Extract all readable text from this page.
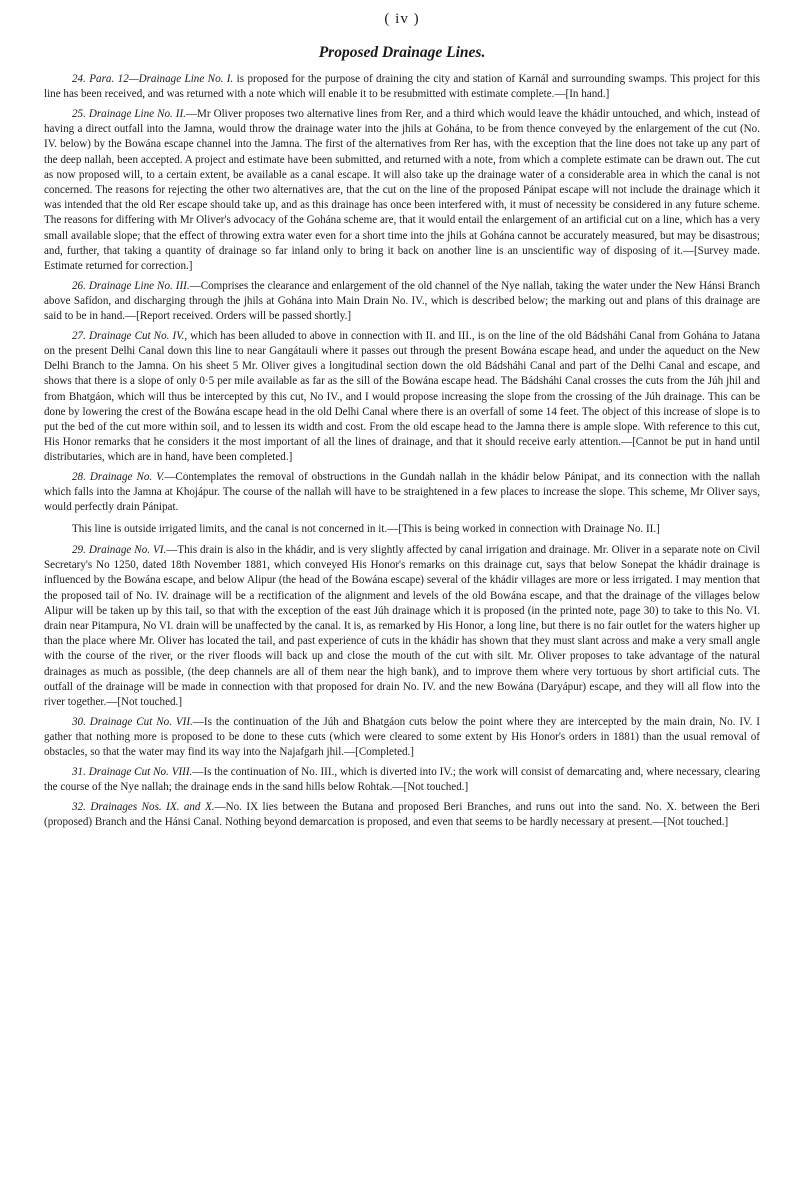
( iv )
Proposed Drainage Lines.

24. Para. 12—Drainage Line No. I. is proposed for the purpose of draining the city and station of Karnál and surrounding swamps. This project for this line has been received, and was returned with a note which will enable it to be resubmitted with estimate complete.—[In hand.]

25. Drainage Line No. II.—Mr Oliver proposes two alternative lines from Rer, and a third which would leave the khádir untouched, and which, instead of having a direct outfall into the Jamna, would throw the drainage water into the jhils at Gohána, to be from thence conveyed by the enlargement of the cut (No. IV. below) by the Bowána escape channel into the Jamna. The first of the alternatives from Rer has, with the exception that the line does not take up any part of the deep nallah, been accepted. A project and estimate have been submitted, and returned with a note, from which a complete estimate can be drawn out. The cut as now proposed will, to a certain extent, be available as a canal escape. It will also take up the drainage water of a considerable area in which the canal is not concerned. The reasons for rejecting the other two alternatives are, that the cut on the line of the proposed Pánipat escape will not include the drainage which it was intended that the old Rer escape should take up, and as this drainage has once been interfered with, it must of necessity be considered in any future scheme. The reasons for differing with Mr Oliver's advocacy of the Gohána scheme are, that it would entail the enlargement of an artificial cut on a line, which has a very small available slope; that the effect of throwing extra water even for a short time into the jhils at Gohána cannot be accurately measured, but may be disastrous; and, further, that taking a quantity of drainage so far inland only to bring it back on another line is an unscientific way of disposing of it.—[Survey made. Estimate returned for correction.]

26. Drainage Line No. III.—Comprises the clearance and enlargement of the old channel of the Nye nallah, taking the water under the New Hánsi Branch above Safídon, and discharging through the jhils at Gohána into Main Drain No. IV., which is described below; the marking out and plans of this drainage are said to be in hand.—[Report received. Orders will be passed shortly.]

27. Drainage Cut No. IV., which has been alluded to above in connection with II. and III., is on the line of the old Bádsháhi Canal from Gohána to Jatana on the present Delhi Canal down this line to near Gangátauli where it passes out through the present Bowána escape head, and under the aqueduct on the New Delhi Branch to the Jamna. On his sheet 5 Mr. Oliver gives a longitudinal section down the old Bádsháhi Canal and part of the Delhi Canal and escape, and shows that there is a slope of only 0·5 per mile available as far as the sill of the Bowána escape head. The Bádsháhi Canal crosses the cuts from the Júh jhil and from Bhatgáon, which will thus be intercepted by this cut, No IV., and I would propose increasing the slope from the crossing of the Júh drainage. This can be done by lowering the crest of the Bowána escape head in the old Delhi Canal where there is an overfall of some 14 feet. The object of this increase of slope is to put the bed of the cut more within soil, and to lessen its width and cost. From the old escape head to the Jamna there is ample slope. With reference to this cut, His Honor remarks that he considers it the most important of all the lines of drainage, and that it should receive early attention.—[Cannot be put in hand until distributaries, which are in hand, have been completed.]

28. Drainage No. V.—Contemplates the removal of obstructions in the Gundah nallah in the khádir below Pánipat, and its connection with the nallah which falls into the Jamna at Khojápur. The course of the nallah will have to be straightened in a few places to increase the slope. This scheme, Mr Oliver says, would perfectly drain Pánipat.

This line is outside irrigated limits, and the canal is not concerned in it.—[This is being worked in connection with Drainage No. II.]

29. Drainage No. VI.—This drain is also in the khádir, and is very slightly affected by canal irrigation and drainage. Mr. Oliver in a separate note on Civil Secretary's No 1250, dated 18th November 1881, which conveyed His Honor's remarks on this drainage cut, says that below Sonepat the khádir drainage is influenced by the Bowána escape, and below Alipur (the head of the Bowána escape) several of the khádir villages are more or less irrigated. I may mention that the proposed tail of No. IV. drainage will be a rectification of the alignment and levels of the old Bowána escape, and that the drainage of the villages below Alipur will be taken up by this tail, so that with the exception of the east Júh drainage which it is proposed (in the printed note, page 30) to take to this No. VI. drain near Pitampura, No VI. drain will be unaffected by the canal. It is, as remarked by His Honor, a long line, but there is no fair outlet for the waters higher up than the place where Mr. Oliver has located the tail, and past experience of cuts in the khádir has shown that they must slant across and make a very small angle with the course of the river, or the river floods will back up and close the mouth of the cut with silt. Mr. Oliver proposes to take advantage of the natural drainages as much as possible, (the deep channels are all of them near the high bank), and to improve them where very tortuous by short artificial cuts. The outfall of the drainage will be made in connection with that proposed for drain No. IV. and the new Bowána (Daryápur) escape, and they will all flow into the river together.—[Not touched.]

30. Drainage Cut No. VII.—Is the continuation of the Júh and Bhatgáon cuts below the point where they are intercepted by the main drain, No. IV. I gather that nothing more is proposed to be done to these cuts (which were cleared to some extent by His Honor's orders in 1881) than the usual removal of obstacles, so that the water may find its way into the Najafgarh jhil.—[Completed.]

31. Drainage Cut No. VIII.—Is the continuation of No. III., which is diverted into IV.; the work will consist of demarcating and, where necessary, clearing the course of the Nye nallah; the drainage ends in the sand hills below Rohtak.—[Not touched.]

32. Drainages Nos. IX. and X.—No. IX lies between the Butana and proposed Beri Branches, and runs out into the sand. No. X. between the Beri (proposed) Branch and the Hánsi Canal. Nothing beyond demarcation is proposed, and even that seems to be hardly necessary at present.—[Not touched.]
